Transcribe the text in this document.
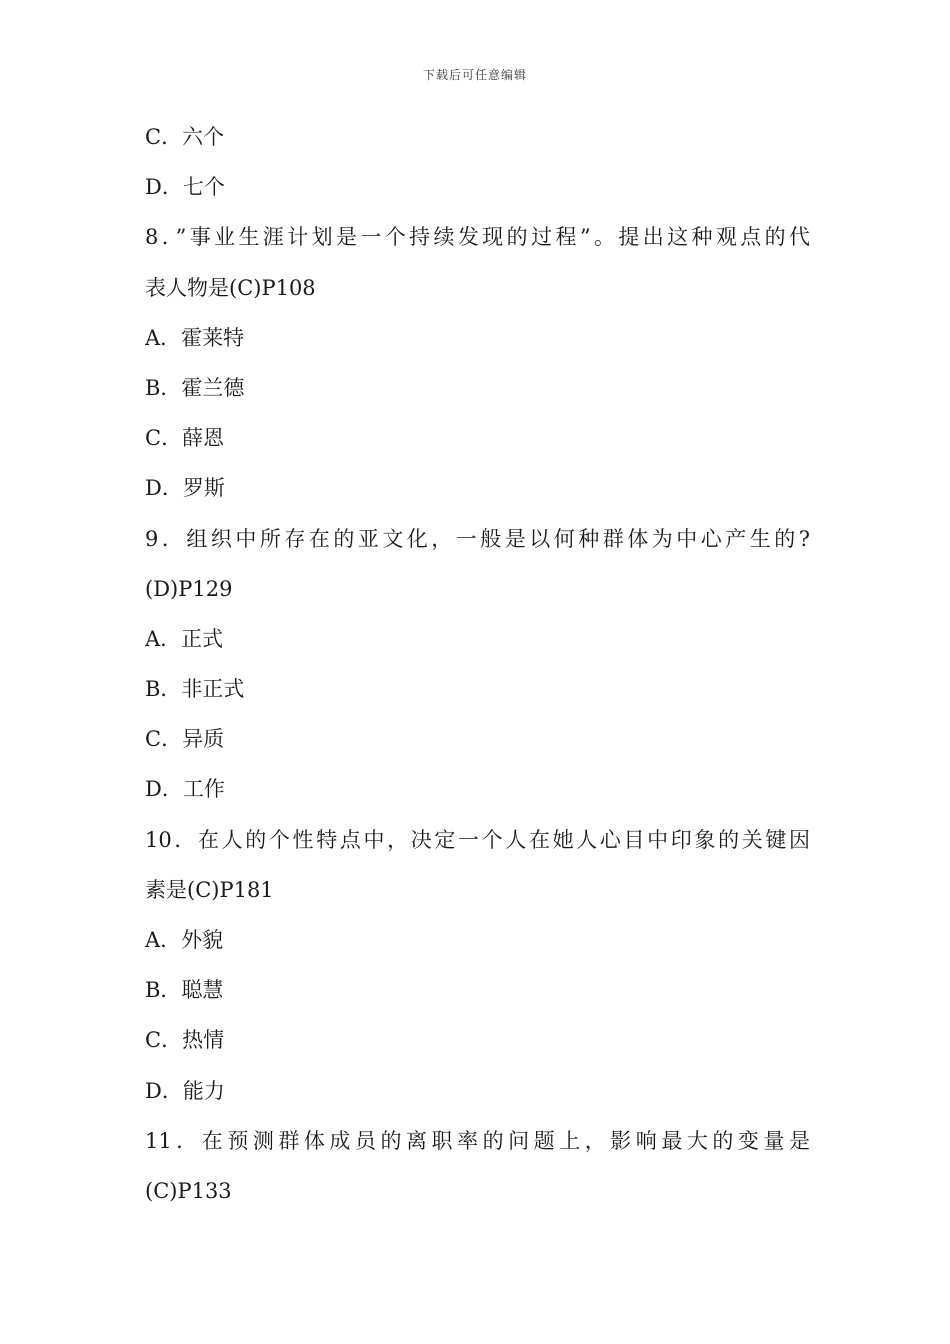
下载后可任意编辑
C．六个
D．七个
8．”事业生涯计划是一个持续发现的过程”。提出这种观点的代
表人物是(C)P108
A．霍莱特
B．霍兰德
C．薛恩
D．罗斯
9．组织中所存在的亚文化，一般是以何种群体为中心产生的?
(D)P129
A．正式
B．非正式
C．异质
D．工作
10．在人的个性特点中，决定一个人在她人心目中印象的关键因
素是(C)P181
A．外貌
B．聪慧
C．热情
D．能力
11．在预测群体成员的离职率的问题上，影响最大的变量是
(C)P133
